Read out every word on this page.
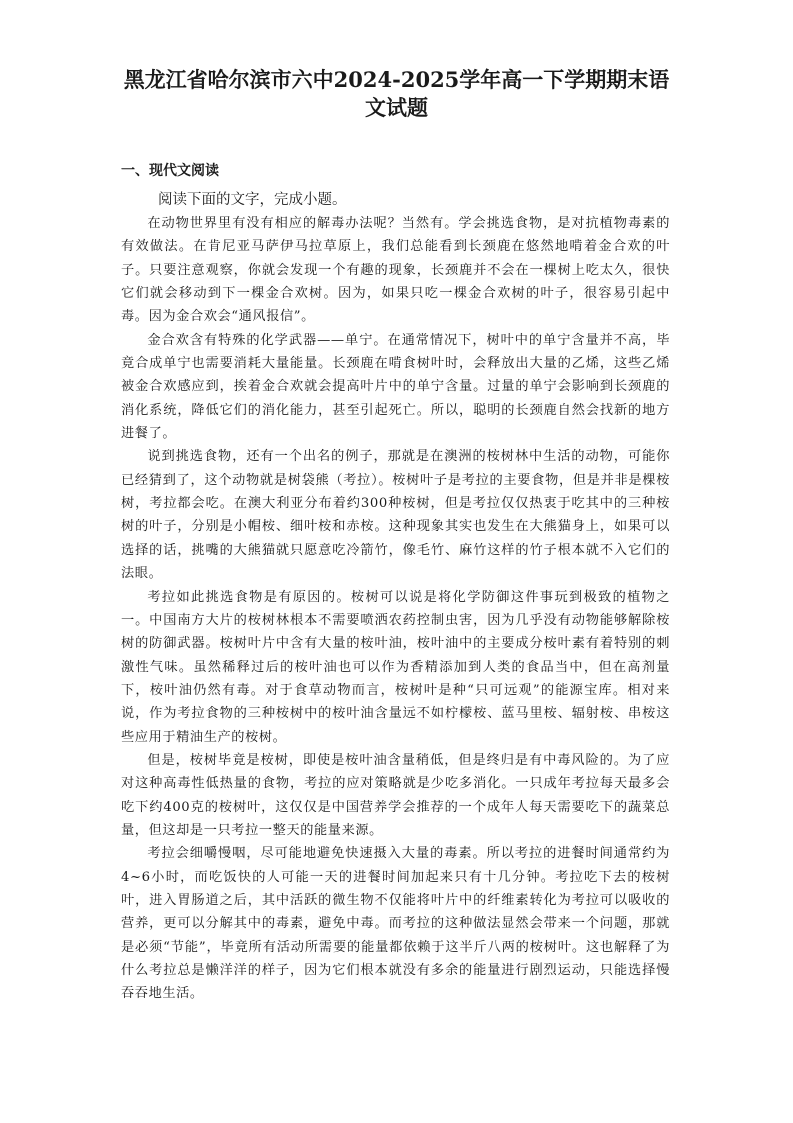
黑龙江省哈尔滨市六中2024-2025学年高一下学期期末语
文试题
一、现代文阅读
阅读下面的文字，完成小题。

在动物世界里有没有相应的解毒办法呢？当然有。学会挑选食物，是对抗植物毒素的有效做法。在肯尼亚马萨伊马拉草原上，我们总能看到长颈鹿在悠然地啃着金合欢的叶子。只要注意观察，你就会发现一个有趣的现象，长颈鹿并不会在一棵树上吃太久，很快它们就会移动到下一棵金合欢树。因为，如果只吃一棵金合欢树的叶子，很容易引起中毒。因为金合欢会“通风报信”。

金合欢含有特殊的化学武器——单宁。在通常情况下，树叶中的单宁含量并不高，毕竟合成单宁也需要消耗大量能量。长颈鹿在啃食树叶时，会释放出大量的乙烯，这些乙烯被金合欢感应到，挨着金合欢就会提高叶片中的单宁含量。过量的单宁会影响到长颈鹿的消化系统，降低它们的消化能力，甚至引起死亡。所以，聪明的长颈鹿自然会找新的地方进餐了。

说到挑选食物，还有一个出名的例子，那就是在澳洲的桉树林中生活的动物，可能你已经猜到了，这个动物就是树袋熊（考拉）。桉树叶子是考拉的主要食物，但是并非是棵桉树，考拉都会吃。在澳大利亚分布着约300种桉树，但是考拉仅仅热衷于吃其中的三种桉树的叶子，分别是小帽桉、细叶桉和赤桉。这种现象其实也发生在大熊猫身上，如果可以选择的话，挑嘴的大熊猫就只愿意吃冷箭竹，像毛竹、麻竹这样的竹子根本就不入它们的法眼。

考拉如此挑选食物是有原因的。桉树可以说是将化学防御这件事玩到极致的植物之一。中国南方大片的桉树林根本不需要喷洒农药控制虫害，因为几乎没有动物能够解除桉树的防御武器。桉树叶片中含有大量的桉叶油，桉叶油中的主要成分桉叶素有着特别的刺激性气味。虽然稀释过后的桉叶油也可以作为香精添加到人类的食品当中，但在高剂量下，桉叶油仍然有毒。对于食草动物而言，桉树叶是种“只可远观”的能源宝库。相对来说，作为考拉食物的三种桉树中的桉叶油含量远不如柠檬桉、蓝马里桉、辐射桉、串桉这些应用于精油生产的桉树。

但是，桉树毕竟是桉树，即使是桉叶油含量稍低，但是终归是有中毒风险的。为了应对这种高毒性低热量的食物，考拉的应对策略就是少吃多消化。一只成年考拉每天最多会吃下约400克的桉树叶，这仅仅是中国营养学会推荐的一个成年人每天需要吃下的蔬菜总量，但这却是一只考拉一整天的能量来源。

考拉会细嚼慢咽，尽可能地避免快速摄入大量的毒素。所以考拉的进餐时间通常约为4~6小时，而吃饭快的人可能一天的进餐时间加起来只有十几分钟。考拉吃下去的桉树叶，进入胃肠道之后，其中活跃的微生物不仅能将叶片中的纤维素转化为考拉可以吸收的营养，更可以分解其中的毒素，避免中毒。而考拉的这种做法显然会带来一个问题，那就是必须“节能”，毕竟所有活动所需要的能量都依赖于这半斤八两的桉树叶。这也解释了为什么考拉总是懒洋洋的样子，因为它们根本就没有多余的能量进行剧烈运动，只能选择慢吞吞地生活。
